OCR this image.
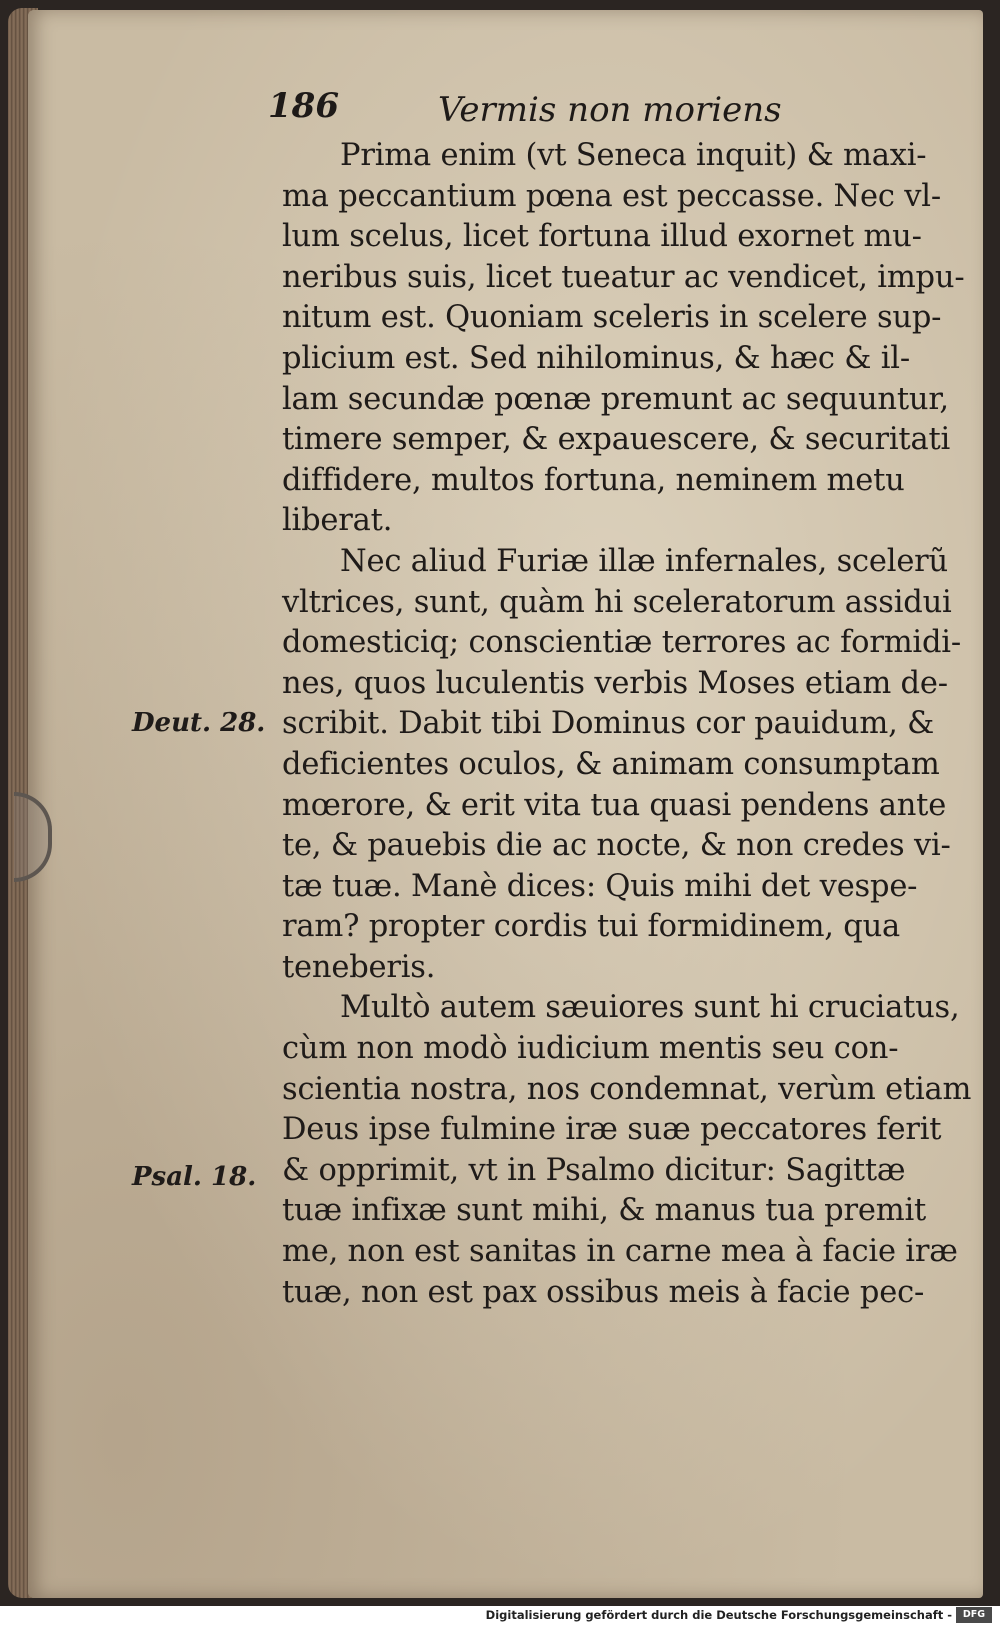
186	Vermis non moriens
Deut. 28.
Psal. 18.
Prima enim (vt Seneca inquit) & maxi-
ma peccantium pœna est peccasse. Nec vl-
lum scelus, licet fortuna illud exornet mu-
neribus suis, licet tueatur ac vendicet, impu-
nitum est. Quoniam sceleris in scelere sup-
plicium est. Sed nihilominus, & hæc & il-
lam secundæ pœnæ premunt ac sequuntur,
timere semper, & expauescere, & securitati
diffidere, multos fortuna, neminem metu
liberat.
Nec aliud Furiæ illæ infernales, scelerũ
vltrices, sunt, quàm hi sceleratorum assidui
domesticiq; conscientiæ terrores ac formidi-
nes, quos luculentis verbis Moses etiam de-
scribit. Dabit tibi Dominus cor pauidum, &
deficientes oculos, & animam consumptam
mœrore, & erit vita tua quasi pendens ante
te, & pauebis die ac nocte, & non credes vi-
tæ tuæ. Manè dices: Quis mihi det vespe-
ram? propter cordis tui formidinem, qua
teneberis.
Multò autem sæuiores sunt hi cruciatus,
cùm non modò iudicium mentis seu con-
scientia nostra, nos condemnat, verùm etiam
Deus ipse fulmine iræ suæ peccatores ferit
& opprimit, vt in Psalmo dicitur: Sagittæ
tuæ infixæ sunt mihi, & manus tua premit
me, non est sanitas in carne mea à facie iræ
tuæ, non est pax ossibus meis à facie pec-
Digitalisierung gefördert durch die Deutsche Forschungsgemeinschaft -	DFG
